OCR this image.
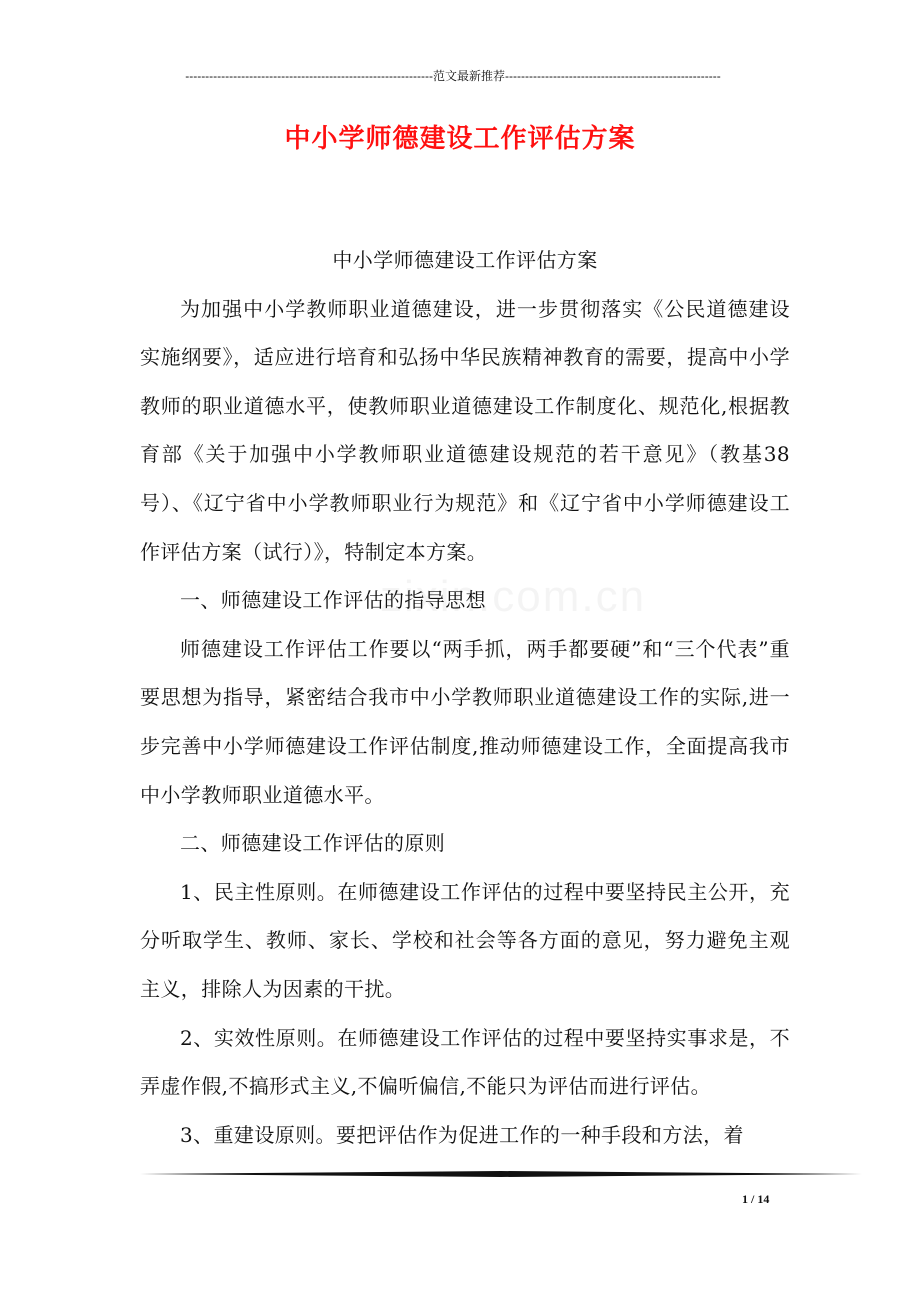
--------------------------------------------------------------范文最新推荐------------------------------------------------------
中小学师德建设工作评估方案

中小学师德建设工作评估方案

为加强中小学教师职业道德建设，进一步贯彻落实《公民道德建设实施纲要》，适应进行培育和弘扬中华民族精神教育的需要，提高中小学教师的职业道德水平，使教师职业道德建设工作制度化、规范化,根据教育部《关于加强中小学教师职业道德建设规范的若干意见》（教基38号）、《辽宁省中小学教师职业行为规范》和《辽宁省中小学师德建设工作评估方案（试行）》，特制定本方案。

一、师德建设工作评估的指导思想

师德建设工作评估工作要以“两手抓，两手都要硬”和“三个代表”重要思想为指导，紧密结合我市中小学教师职业道德建设工作的实际,进一步完善中小学师德建设工作评估制度,推动师德建设工作，全面提高我市中小学教师职业道德水平。

二、师德建设工作评估的原则

1、民主性原则。在师德建设工作评估的过程中要坚持民主公开，充分听取学生、教师、家长、学校和社会等各方面的意见，努力避免主观主义，排除人为因素的干扰。

2、实效性原则。在师德建设工作评估的过程中要坚持实事求是，不弄虚作假,不搞形式主义,不偏听偏信,不能只为评估而进行评估。

3、重建设原则。要把评估作为促进工作的一种手段和方法，着

1 / 14
